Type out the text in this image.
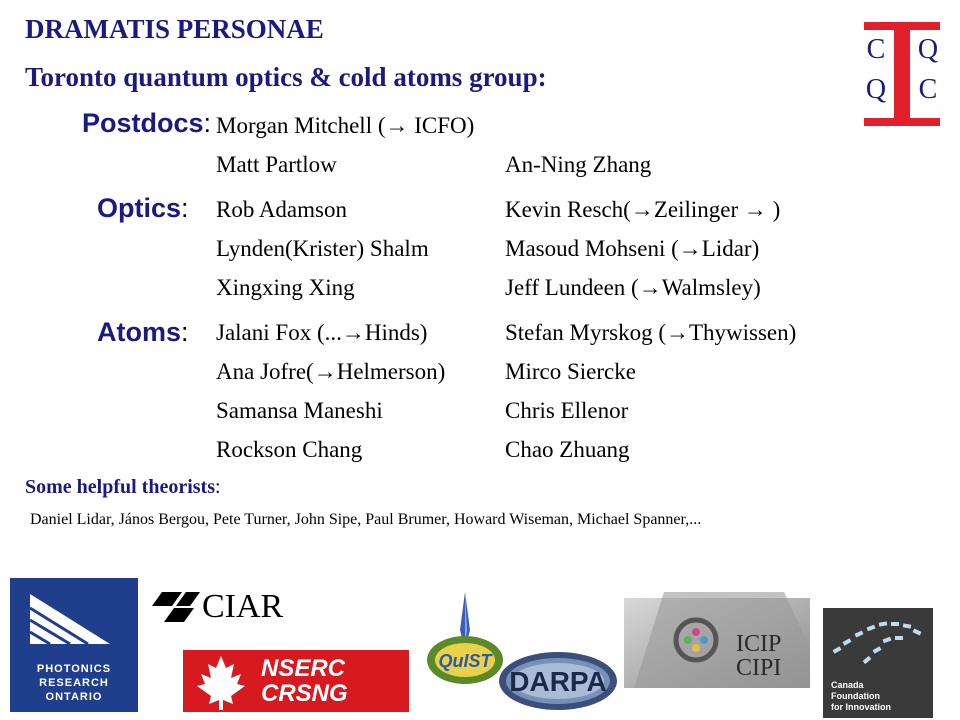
DRAMATIS PERSONAE
Toronto quantum optics & cold atoms group:
C Q
Q C
Postdocs:
Optics:
Atoms:
Morgan Mitchell (→ ICFO)
Matt Partlow	An-Ning Zhang
Rob Adamson
Lynden(Krister) Shalm
Xingxing Xing
Kevin Resch(→Zeilinger → )
Masoud Mohseni (→Lidar)
Jeff Lundeen (→Walmsley)
Jalani Fox (...→Hinds)
Ana Jofre(→Helmerson)
Samansa Maneshi
Rockson Chang
Stefan Myrskog (→Thywissen)
Mirco Siercke
Chris Ellenor
Chao Zhuang
Some helpful theorists:
Daniel Lidar, János Bergou, Pete Turner, John Sipe, Paul Brumer, Howard Wiseman, Michael Spanner,...
PHOTONICS
RESEARCH
ONTARIO
CIAR
NSERC
CRSNG
QuIST
DARPA
ICIP
CIPI
Canada
Foundation
for Innovation
